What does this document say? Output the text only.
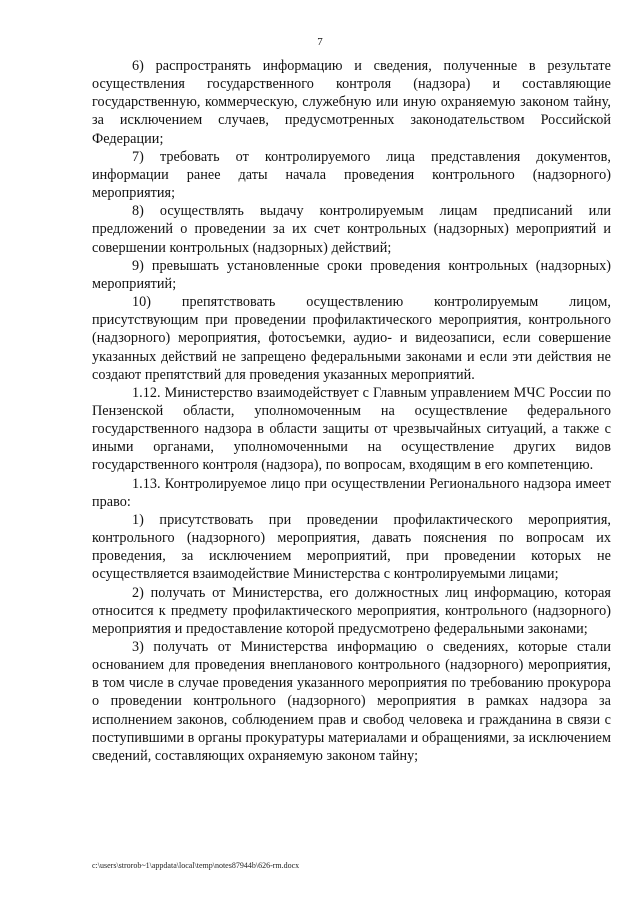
7

6) распространять информацию и сведения, полученные в результате осуществления государственного контроля (надзора) и составляющие государственную, коммерческую, служебную или иную охраняемую законом тайну, за исключением случаев, предусмотренных законодательством Российской Федерации;

7) требовать от контролируемого лица представления документов, информации ранее даты начала проведения контрольного (надзорного) мероприятия;

8) осуществлять выдачу контролируемым лицам предписаний или предложений о проведении за их счет контрольных (надзорных) мероприятий и совершении контрольных (надзорных) действий;

9) превышать установленные сроки проведения контрольных (надзорных) мероприятий;

10) препятствовать осуществлению контролируемым лицом, присутствующим при проведении профилактического мероприятия, контрольного (надзорного) мероприятия, фотосъемки, аудио- и видеозаписи, если совершение указанных действий не запрещено федеральными законами и если эти действия не создают препятствий для проведения указанных мероприятий.

1.12. Министерство взаимодействует с Главным управлением МЧС России по Пензенской области, уполномоченным на осуществление федерального государственного надзора в области защиты от чрезвычайных ситуаций, а также с иными органами, уполномоченными на осуществление других видов государственного контроля (надзора), по вопросам, входящим в его компетенцию.

1.13. Контролируемое лицо при осуществлении Регионального надзора имеет право:

1) присутствовать при проведении профилактического мероприятия, контрольного (надзорного) мероприятия, давать пояснения по вопросам их проведения, за исключением мероприятий, при проведении которых не осуществляется взаимодействие Министерства с контролируемыми лицами;

2) получать от Министерства, его должностных лиц информацию, которая относится к предмету профилактического мероприятия, контрольного (надзорного) мероприятия и предоставление которой предусмотрено федеральными законами;

3) получать от Министерства информацию о сведениях, которые стали основанием для проведения внепланового контрольного (надзорного) мероприятия, в том числе в случае проведения указанного мероприятия по требованию прокурора о проведении контрольного (надзорного) мероприятия в рамках надзора за исполнением законов, соблюдением прав и свобод человека и гражданина в связи с поступившими в органы прокуратуры материалами и обращениями, за исключением сведений, составляющих охраняемую законом тайну;

c:\users\strorob~1\appdata\local\temp\notes87944b\626-rm.docx
